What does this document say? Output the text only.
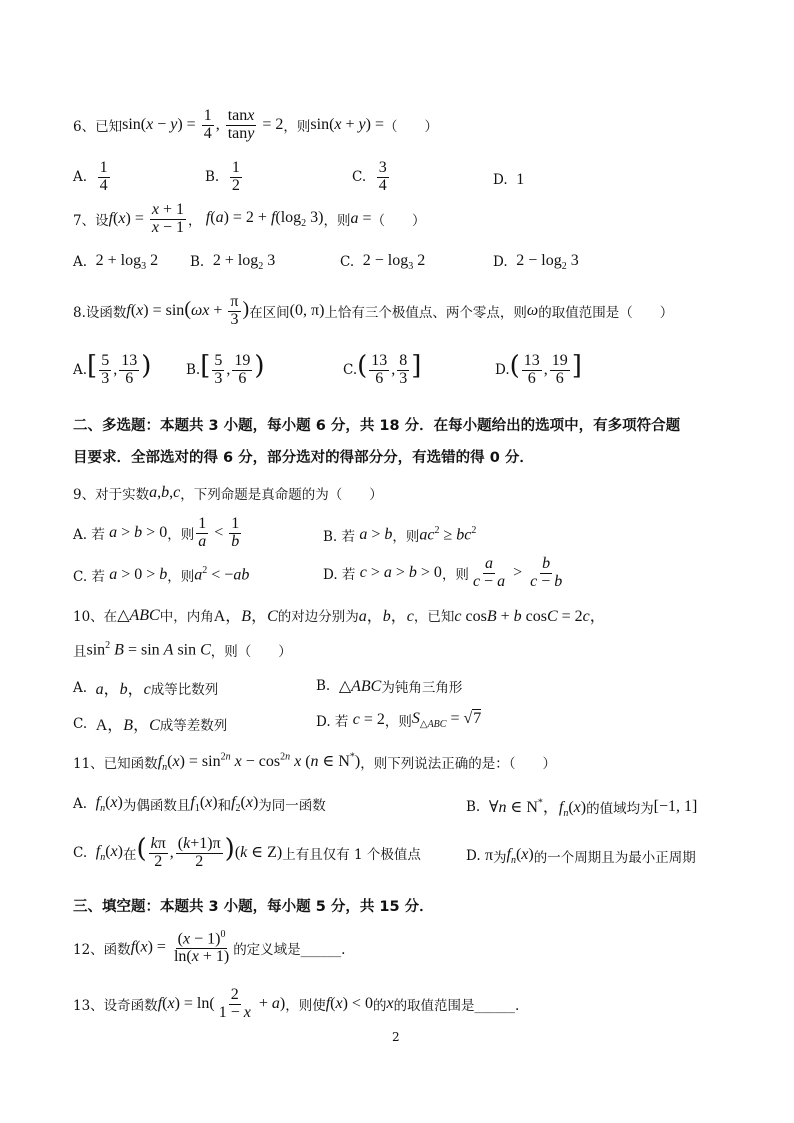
6、已知 $\sin(x - y) = \frac{1}{4}$ , $\frac{\tan x}{\tan y} = 2$ ，则 sin(x + y) = （　　）
A.
$\frac{1}{4}$	B.
$\frac{1}{2}$	C.
$\frac{3}{4}$	D.
1
7、设 $f(x) = \frac{x + 1}{x - 1}$ ，
$f(a) = 2 + f(\log_2$ 3) ，则 a = （　　）
A.
$2 + \log_3 2$ B.
$2 + \log_2 3$	C.
$2 - \log_3 2$	D.
$2 - \log_2 3$
8.设函数 $f(x) = \sin(\omega x + \frac{\pi}{3}$ ) 在区间 (0, π) 上恰有三个极值点、两个零点，则 ω 的取值范围是（　　）
A. [ $\frac{5}{3}$ , $\frac{13}{6}$ )	B. [ $\frac{5}{3}$ , $\frac{19}{6}$ )	C. ( $\frac{13}{6}$ , $\frac{8}{3}$ ]	D. ( $\frac{13}{6}$ , $\frac{19}{6}$ ]
二、多选题：本题共 3 小题，每小题 6 分，共 18 分．在每小题给出的选项中，有多项符合题
目要求．全部选对的得 6 分，部分选对的得部分分，有选错的得 0 分．
9、对于实数 a , b , c ，下列命题是真命题的为（　　）
A. 若
a > b > 0 ，则 $\frac{1}{a} < \frac{1}{b}$	B. 若
a > b ，则 $ac^2 \ge bc^2$
C. 若
a > 0 > b ，则 $a^2 < -ab$	D. 若
c > a > b > 0 ，则 $\frac{a}{c - a} > \frac{b}{c - b}$
10、在 △ABC 中，内角 A，B，C 的对边分别为 a，b，c ，已知 c cosB + b cosC = 2c，
且 $\sin^2 B = \sin A$ sin C ，则（　　）
A.
a，b，c 成等比数列	B.
△ABC 为钝角三角形
C.
A，B，C 成等差数列	D. 若
c = 2 ，则 $S_{\triangle ABC} = √7$
11、已知函数 $f_n(x) = \sin^{2n} x - \cos^{2n} x$ (n ∈ N*) ，则下列说法正确的是：（　　）
A.
$f_n(x)$ 为偶函数且 $f_1(x)$ 和 $f_2(x)$ 为同一函数	B.
∀n ∈ N*，$f_n(x)$ 的值域均为 [−1, 1]
C.
$f_n(x)$ 在 ( $\frac{k\pi}{2}$ , $\frac{(k+1)\pi}{2} )(k$ ∈ Z) 上有且仅有 1 个极值点	D.
π 为 $f_n(x)$ 的一个周期且为最小正周期
三、填空题：本题共 3 小题，每小题 5 分，共 15 分．
12、函数 $f(x) = \frac{(x - 1)^0}{\ln(x + 1)}$ 的定义域是______.
13、设奇函数 $f(x) = \ln( \frac{2}{1 - x} + a)$ ，则使 f(x) < 0 的 x 的取值范围是______.
2
